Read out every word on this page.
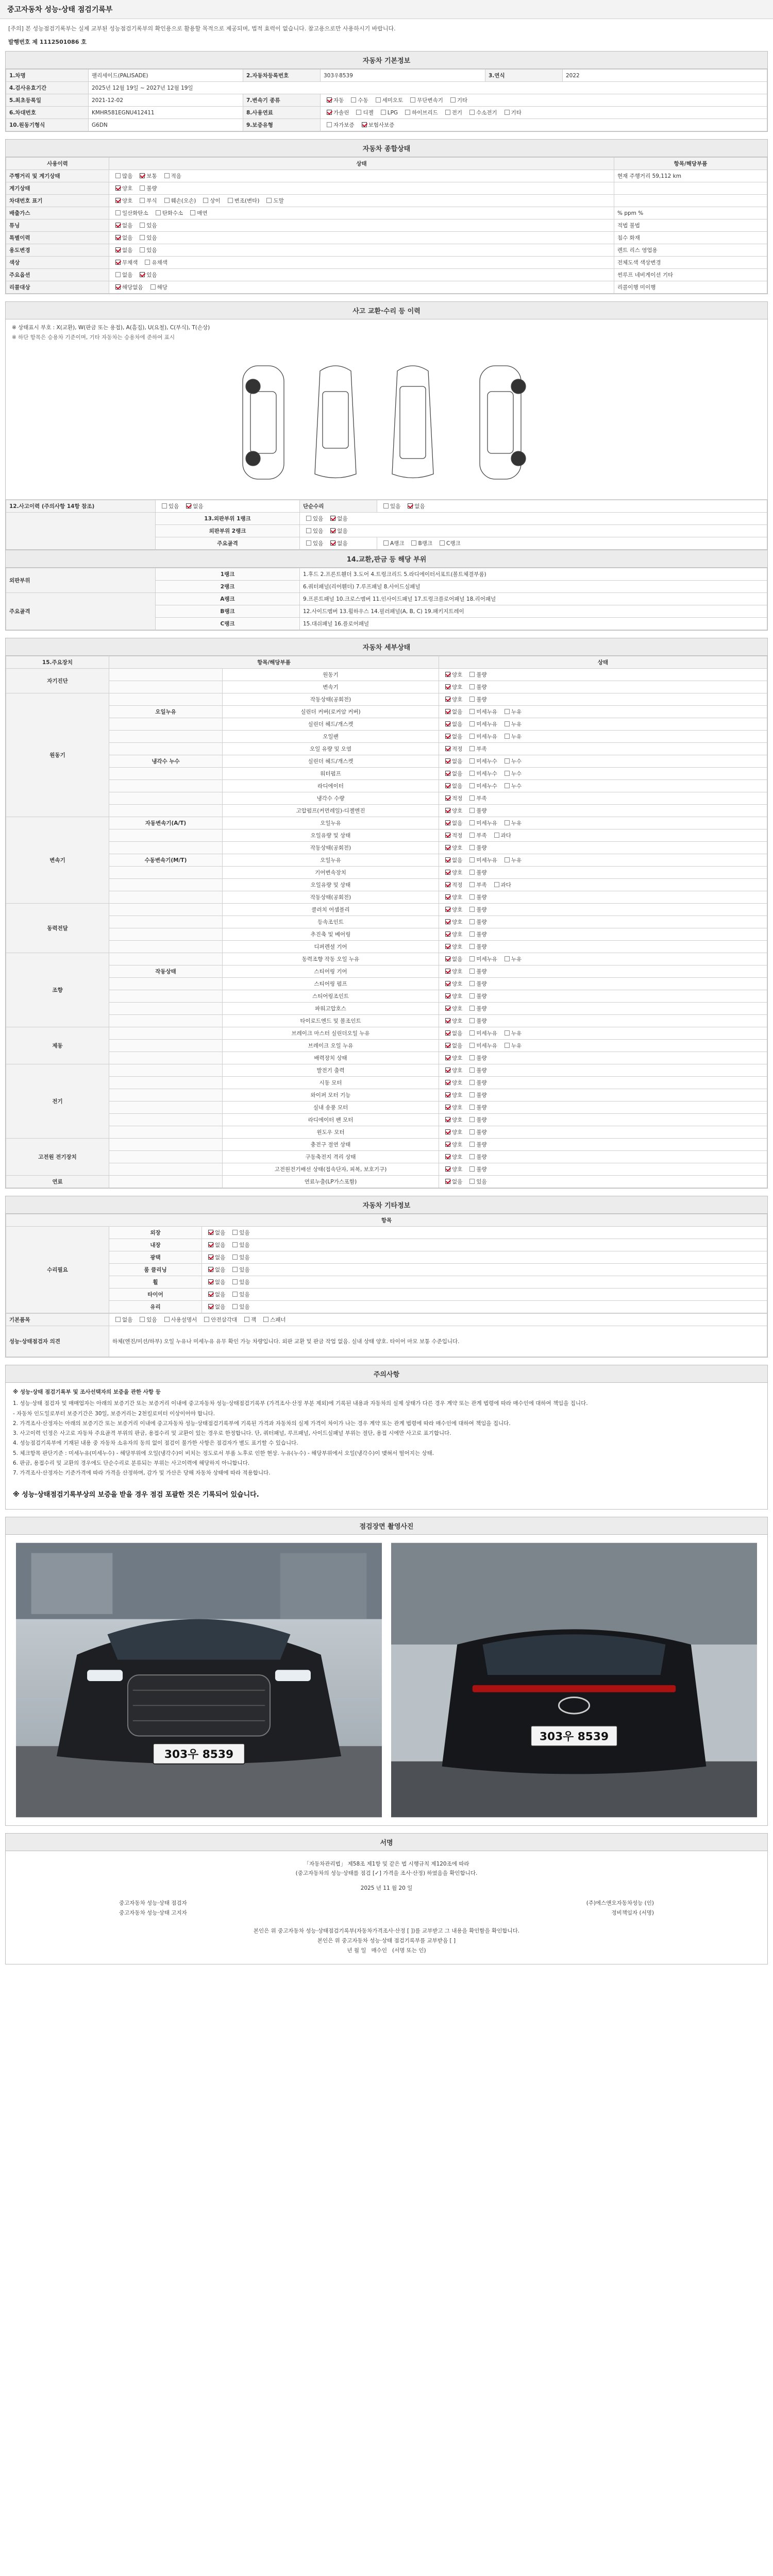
중고자동차 성능·상태 점검기록부
[주의] 본 성능점검기록부는 실제 교부된 성능점검기록부의 확인용으로 활용할 목적으로 제공되며, 법적 효력이 없습니다. 참고용으로만 사용하시기 바랍니다.
발행번호 제 1112501086 호
자동차 기본정보
1.차명	팰리세이드(PALISADE)	2.자동차등록번호	303우8539	3.연식	2022
4.검사유효기간	2025년 12월 19일 ~ 2027년 12월 19일				
5.최초등록일	2021-12-02	7.변속기 종류	자동 수동 세미오토 무단변속기 기타		
6.차대번호	KMHR581EGNU412411	8.사용연료	가솔린 디젤 LPG 하이브리드 전기 수소전기 기타		
10.원동기형식	G6DN	9.보증유형	자가보증 보험사보증		
자동차 종합상태
사용이력	상태	항목/해당부품
주행거리 및 계기상태	많음 보통 적음	현재 주행거리 59,112 km
계기상태	양호 불량	
차대번호 표기	양호 부식 훼손(오손) 상이 변조(변타) 도말	
배출가스	일산화탄소 탄화수소 매연	% ppm %
튜닝	없음 있음	적법 불법
특별이력	없음 있음	침수 화재
용도변경	없음 있음	렌트 리스 영업용
색상	무채색 유채색	전체도색 색상변경
주요옵션	없음 있음	썬루프 네비게이션 기타
리콜대상	해당없음 해당	리콜이행 미이행
사고 교환·수리 등 이력
※ 상태표시 부호 : X(교환), W(판금 또는 용접), A(흠집), U(요철), C(부식), T(손상)
※ 하단 항목은 승용차 기준이며, 기타 자동차는 승용차에 준하여 표시
12.사고이력 (주의사항 14항 참조)	있음 없음	단순수리	있음 없음
	13.외판부위 1랭크	있음 없음	
	외판부위 2랭크	있음 없음	
	주요골격	있음 없음	A랭크 B랭크 C랭크
14.교환,판금 등 해당 부위
외판부위	1랭크	1.후드 2.프론트휀더 3.도어 4.트렁크리드 5.라디에이터서포트(볼트체결부품)
	2랭크	6.쿼터패널(리어휀더) 7.루프패널 8.사이드실패널
주요골격	A랭크	9.프론트패널 10.크로스멤버 11.인사이드패널 17.트렁크플로어패널 18.리어패널
	B랭크	12.사이드멤버 13.휠하우스 14.필러패널(A, B, C) 19.패키지트레이
	C랭크	15.대쉬패널 16.플로어패널
자동차 세부상태
15.주요장치	항목/해당부품		상태
자기진단		원동기	양호 불량
		변속기	양호 불량
원동기		작동상태(공회전)	양호 불량
	오일누유	실린더 커버(로커암 커버)	없음 미세누유 누유
		실린더 헤드/개스켓	없음 미세누유 누유
		오일팬	없음 미세누유 누유
		오일 유량 및 오염	적정 부족
	냉각수 누수	실린더 헤드/개스켓	없음 미세누수 누수
		워터펌프	없음 미세누수 누수
		라디에이터	없음 미세누수 누수
		냉각수 수량	적정 부족
		고압펌프(커먼레일)-디젤엔진	양호 불량
변속기	자동변속기(A/T)	오일누유	없음 미세누유 누유
		오일유량 및 상태	적정 부족 과다
		작동상태(공회전)	양호 불량
	수동변속기(M/T)	오일누유	없음 미세누유 누유
		기어변속장치	양호 불량
		오일유량 및 상태	적정 부족 과다
		작동상태(공회전)	양호 불량
동력전달		클러치 어셈블리	양호 불량
		등속조인트	양호 불량
		추진축 및 베어링	양호 불량
		디퍼렌셜 기어	양호 불량
조향		동력조향 작동 오일 누유	없음 미세누유 누유
	작동상태	스티어링 기어	양호 불량
		스티어링 펌프	양호 불량
		스티어링조인트	양호 불량
		파워고압호스	양호 불량
		타이로드엔드 및 볼조인트	양호 불량
제동		브레이크 마스터 실린더오일 누유	없음 미세누유 누유
		브레이크 오일 누유	없음 미세누유 누유
		배력장치 상태	양호 불량
전기		발전기 출력	양호 불량
		시동 모터	양호 불량
		와이퍼 모터 기능	양호 불량
		실내 송풍 모터	양호 불량
		라디에이터 팬 모터	양호 불량
		윈도우 모터	양호 불량
고전원 전기장치		충전구 절연 상태	양호 불량
		구동축전지 격리 상태	양호 불량
		고전원전기배선 상태(접속단자, 피복, 보호기구)	양호 불량
연료		연료누출(LP가스포함)	없음 있음
자동차 기타정보
항목		
수리필요	외장	없음 있음
	내장	없음 있음
	광택	없음 있음
	룸 클리닝	없음 있음
	휠	없음 있음
	타이어	없음 있음
	유리	없음 있음
기본품목	없음 있음 사용설명서 안전삼각대 잭 스패너
성능·상태점검자 의견	하체(엔진/미션/하부) 오일 누유나 미세누유 유무 확인 가능 차량입니다. 외판 교환 및 판금 작업 없음. 실내 상태 양호. 타이어 마모 보통 수준입니다.
주의사항

※ 성능·상태 점검기록부 및 조사선택자의 보증을 관한 사항 등

1. 성능·상태 점검자 및 매매업자는 아래의 보증기간 또는 보증거리 이내에 중고자동차 성능·상태점검기록부 (가격조사·산정 부분 제외)에 기록된 내용과 자동차의 실제 상태가 다른 경우 계약 또는 관계 법령에 따라 매수인에 대하여 책임을 집니다.

- 자동차 인도일로부터 보증기간은 30일, 보증거리는 2천킬로미터 이상이어야 합니다.

2. 가격조사·산정자는 아래의 보증기간 또는 보증거리 이내에 중고자동차 성능·상태점검기록부에 기록된 가격과 자동차의 실제 가격이 차이가 나는 경우 계약 또는 관계 법령에 따라 매수인에 대하여 책임을 집니다.

3. 사고이력 인정은 사고로 자동차 주요골격 부위의 판금, 용접수리 및 교환이 있는 경우로 한정합니다. 단, 쿼터패널, 루프패널, 사이드실패널 부위는 절단, 용접 시에만 사고로 표기합니다.

4. 성능점검기록부에 기재된 내용 중 자동차 소유자의 동의 없이 점검이 불가한 사항은 점검자가 별도 표기할 수 있습니다.

5. 체크항목 판단기준 : 미세누유(미세누수) - 해당부위에 오일(냉각수)이 비치는 정도로서 부품 노후로 인한 현상. 누유(누수) - 해당부위에서 오일(냉각수)이 맺혀서 떨어지는 상태.

6. 판금, 용접수리 및 교환의 경우에도 단순수리로 분류되는 부위는 사고이력에 해당하지 아니합니다.

7. 가격조사·산정자는 기준가격에 따라 가격을 산정하며, 감가 및 가산은 당해 자동차 상태에 따라 적용합니다.

※ 성능·상태점검기록부상의 보증을 받을 경우 점검 포괄한 것은 기록되어 있습니다.

점검장면 촬영사진
303우 8539
303우 8539
서명

「자동차관리법」 제58조 제1항 및 같은 법 시행규칙 제120조에 따라

(중고자동차의 성능·상태를 점검 [✓] 가격을 조사·산정) 하였음을 확인합니다.

2025 년 11 월 20 일

중고자동차 성능·상태 점검자	(주)에스앤오자동차성능 (인)
중고자동차 성능·상태 고지자	정비책임자 (서명)

본인은 위 중고자동차 성능·상태점검기록부(자동차가격조사·산정 [ ])를 교부받고 그 내용을 확인함을 확인합니다.

본인은 위 중고자동차 성능·상태 점검기록부를 교부받음 [ ]

년 월 일 매수인 (서명 또는 인)
